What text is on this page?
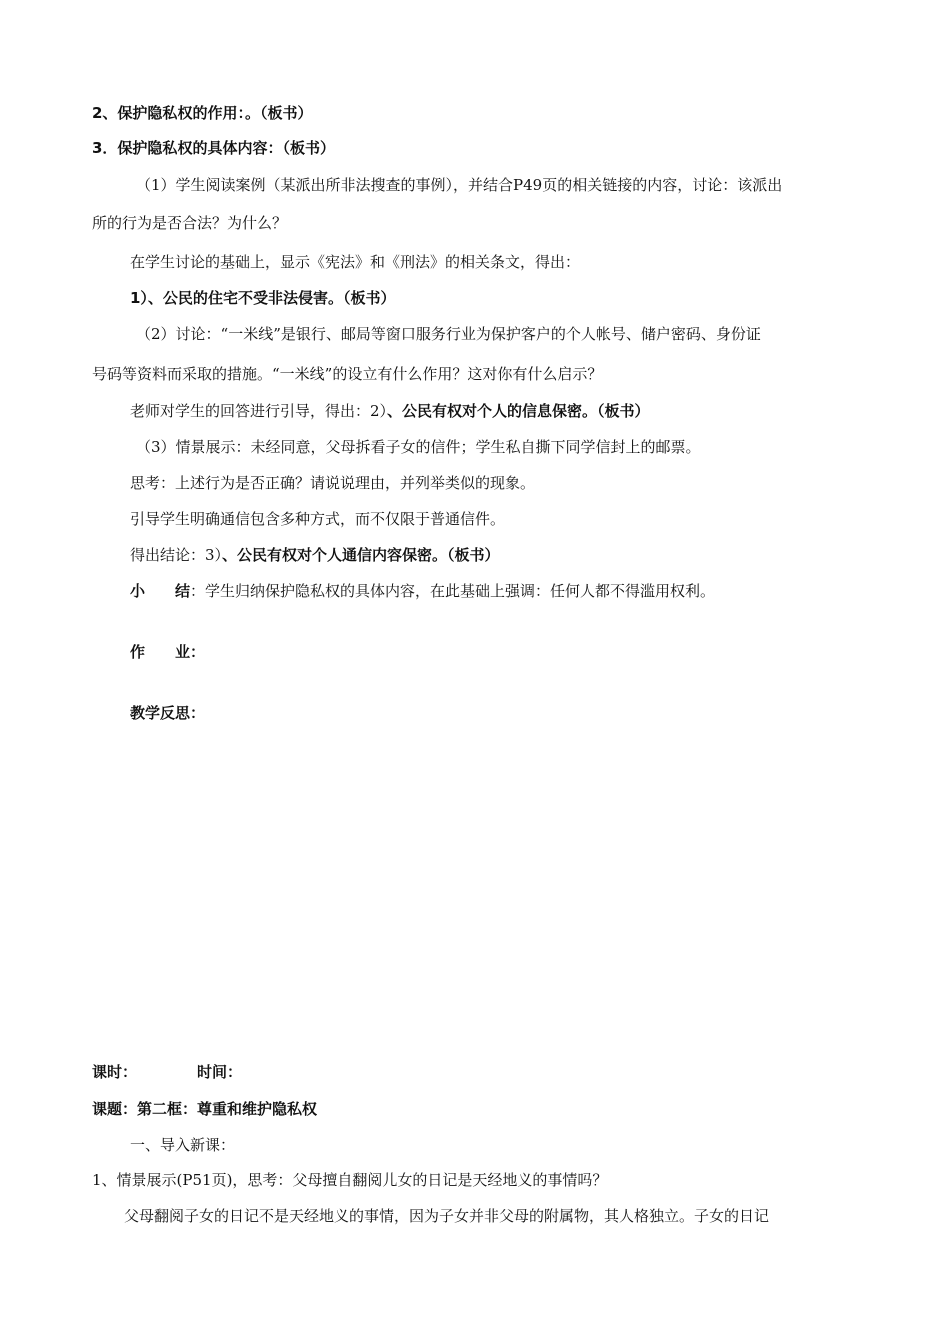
2、保护隐私权的作用：。（板书）
3．保护隐私权的具体内容：（板书）
（1）学生阅读案例（某派出所非法搜查的事例），并结合P49页的相关链接的内容，讨论：该派出
所的行为是否合法？为什么？
在学生讨论的基础上，显示《宪法》和《刑法》的相关条文，得出：
1）、公民的住宅不受非法侵害。（板书）
（2）讨论：“一米线”是银行、邮局等窗口服务行业为保护客户的个人帐号、储户密码、身份证
号码等资料而采取的措施。“一米线”的设立有什么作用？这对你有什么启示？
老师对学生的回答进行引导，得出：2）、公民有权对个人的信息保密。（板书）
（3）情景展示：未经同意，父母拆看子女的信件；学生私自撕下同学信封上的邮票。
思考：上述行为是否正确？请说说理由，并列举类似的现象。
引导学生明确通信包含多种方式，而不仅限于普通信件。
得出结论：3）、公民有权对个人通信内容保密。（板书）
小 结：学生归纳保护隐私权的具体内容，在此基础上强调：任何人都不得滥用权利。
作 业：
教学反思：
课时：	时间：
课题：第二框：尊重和维护隐私权
一、导入新课：
1、情景展示(P51页)，思考：父母擅自翻阅儿女的日记是天经地义的事情吗？
父母翻阅子女的日记不是天经地义的事情，因为子女并非父母的附属物，其人格独立。子女的日记
